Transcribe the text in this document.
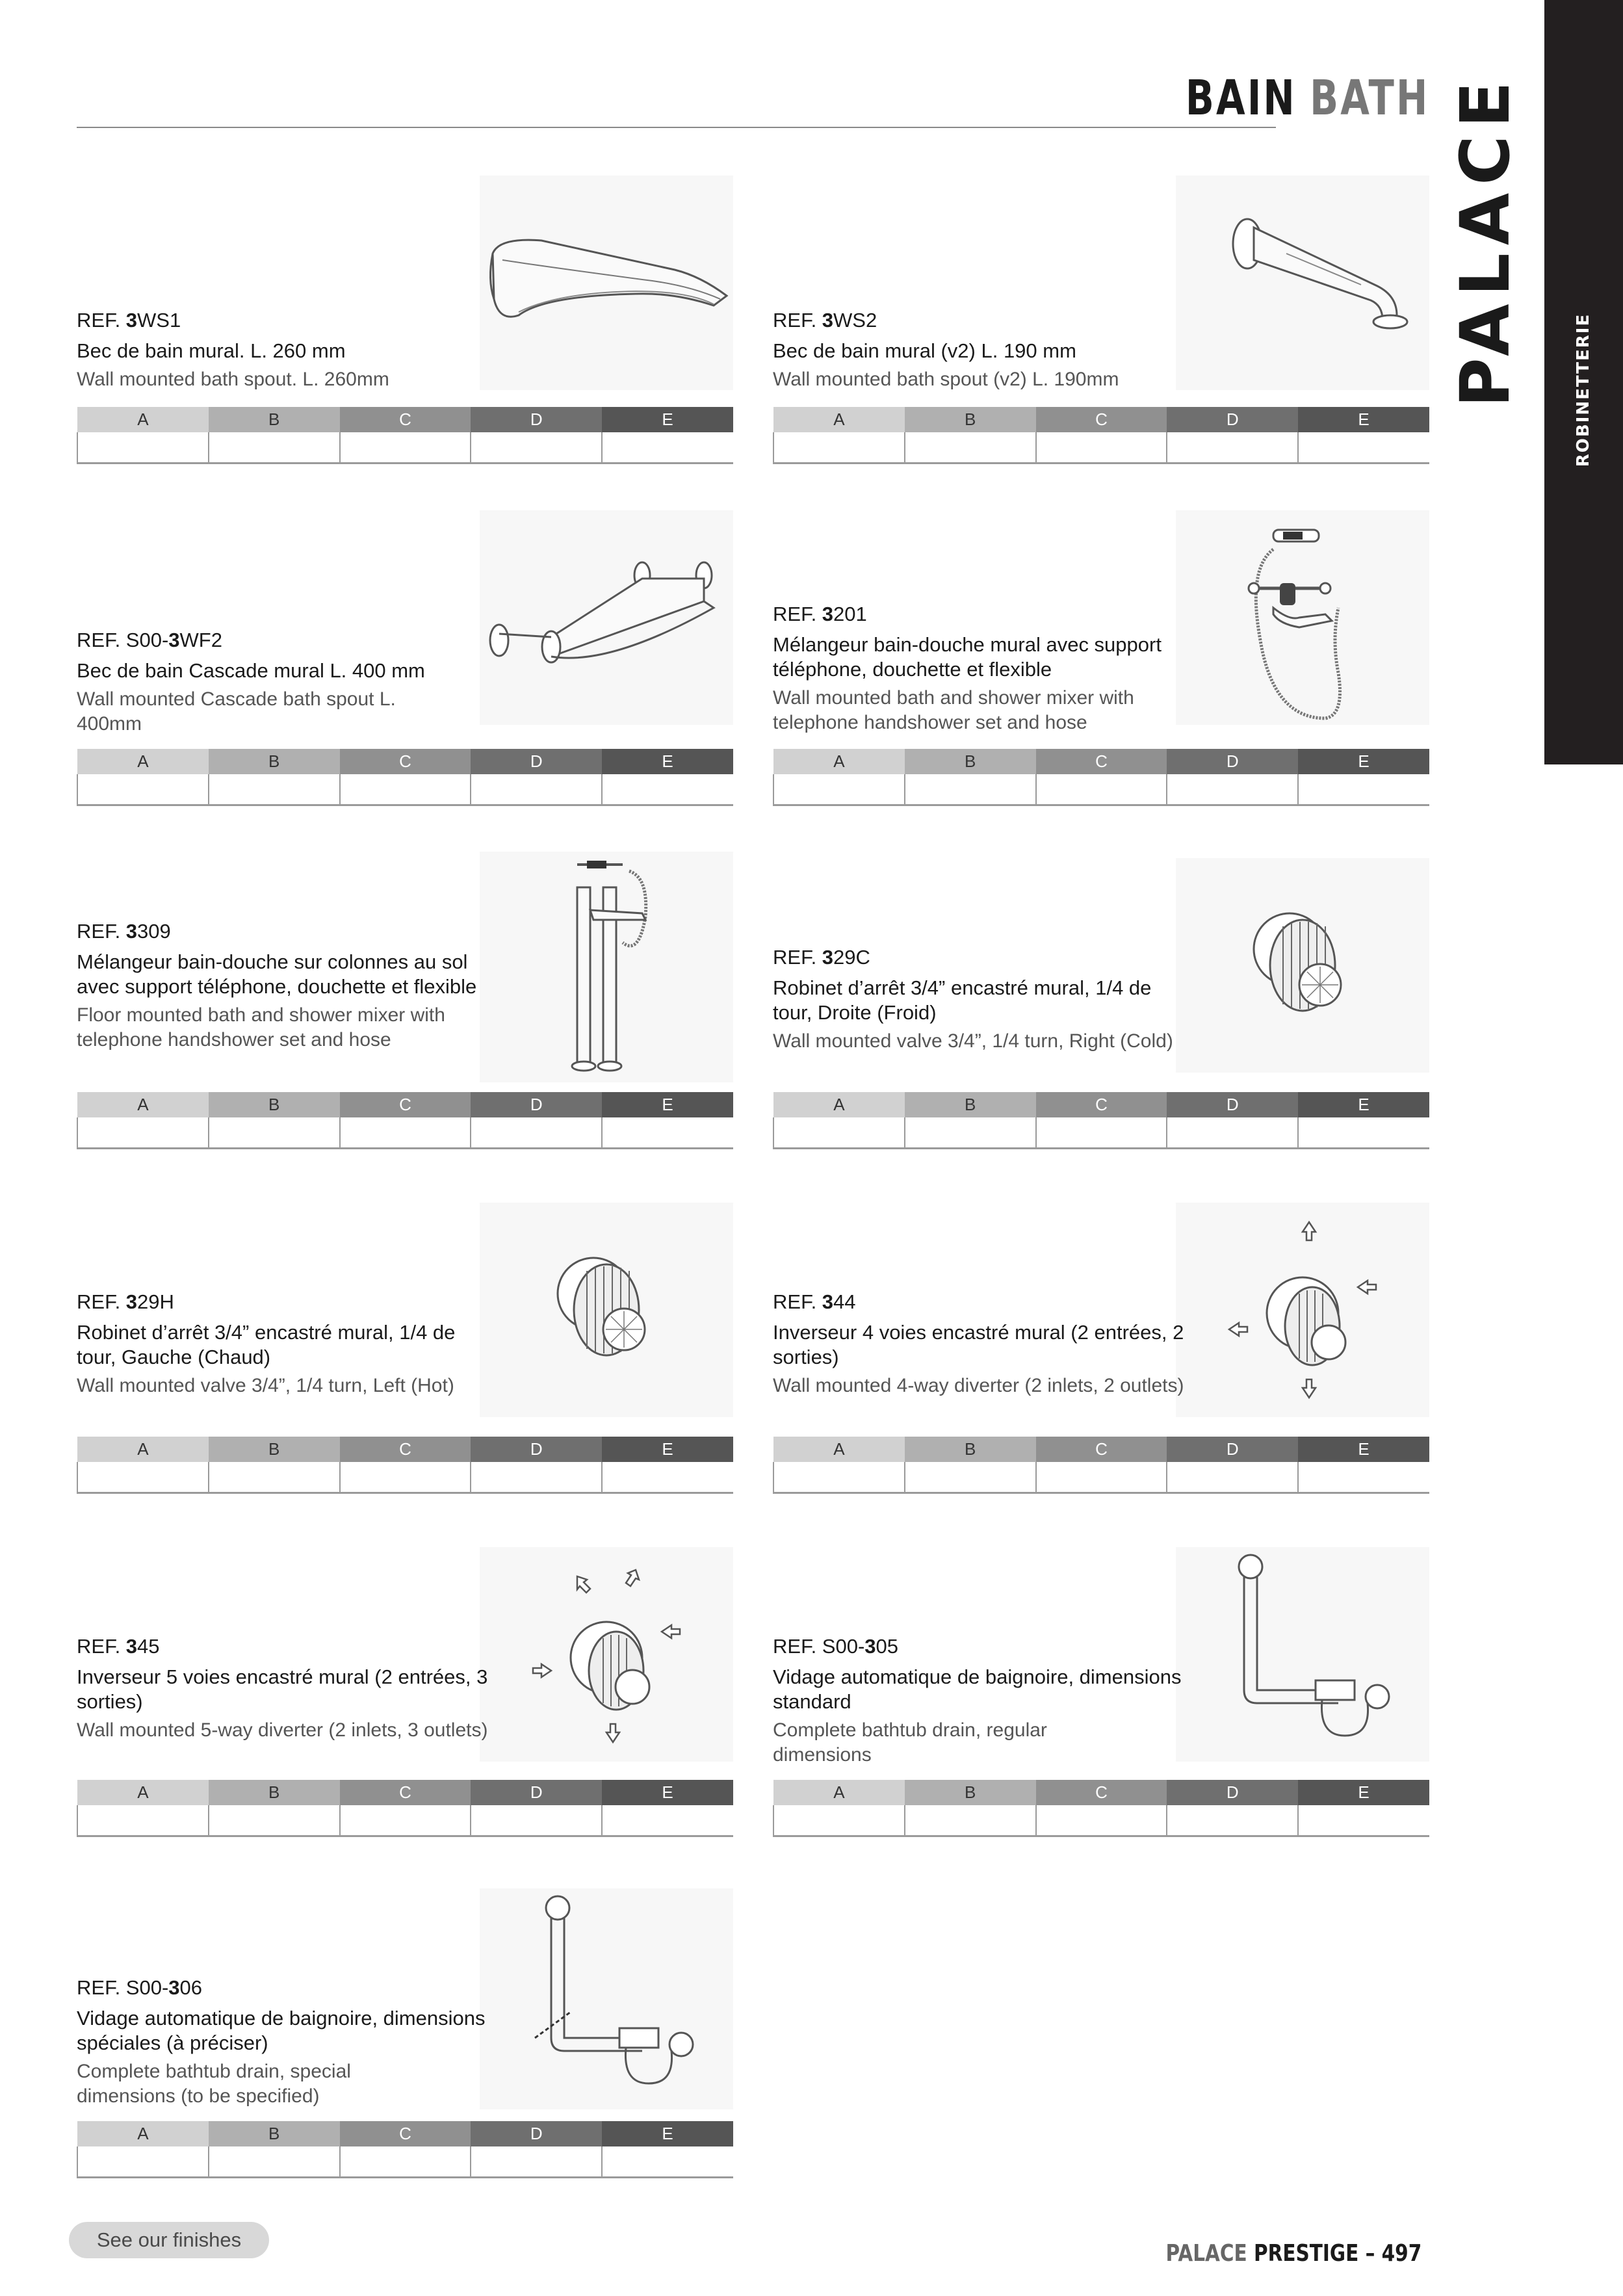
BAIN BATH
ROBINETTERIE
PALACE
REF. 3WS1
Bec de bain mural. L. 260 mm
Wall mounted bath spout. L. 260mm
A	B	C	D	E

REF. 3WS2
Bec de bain mural (v2) L. 190 mm
Wall mounted bath spout (v2) L. 190mm
A	B	C	D	E

REF. S00-3WF2
Bec de bain Cascade mural L. 400 mm
Wall mounted Cascade bath spout L. 400mm
A	B	C	D	E

REF. 3201
Mélangeur bain-douche mural avec support téléphone, douchette et flexible
Wall mounted bath and shower mixer with telephone handshower set and hose
A	B	C	D	E

REF. 3309
Mélangeur bain-douche sur colonnes au sol avec support téléphone, douchette et flexible
Floor mounted bath and shower mixer with telephone handshower set and hose
A	B	C	D	E

REF. 329C
Robinet d’arrêt 3/4” encastré mural, 1/4 de tour, Droite (Froid)
Wall mounted valve 3/4”, 1/4 turn, Right (Cold)
A	B	C	D	E

REF. 329H
Robinet d’arrêt 3/4” encastré mural, 1/4 de tour, Gauche (Chaud)
Wall mounted valve 3/4”, 1/4 turn, Left (Hot)
A	B	C	D	E

REF. 344
Inverseur 4 voies encastré mural (2 entrées, 2 sorties)
Wall mounted 4-way diverter (2 inlets, 2 outlets)
A	B	C	D	E

REF. 345
Inverseur 5 voies encastré mural (2 entrées, 3 sorties)
Wall mounted 5-way diverter (2 inlets, 3 outlets)
A	B	C	D	E

REF. S00-305
Vidage automatique de baignoire, dimensions standard
Complete bathtub drain, regular dimensions
A	B	C	D	E

REF. S00-306
Vidage automatique de baignoire, dimensions spéciales (à préciser)
Complete bathtub drain, special dimensions (to be specified)
A	B	C	D	E

See our finishes
PALACE PRESTIGE – 497
